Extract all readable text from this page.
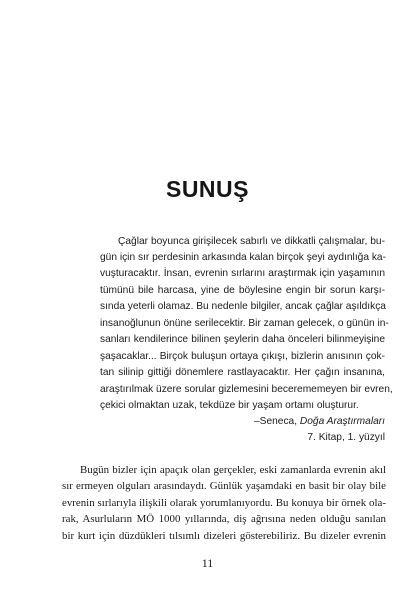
SUNUŞ
Çağlar boyunca girişilecek sabırlı ve dikkatli çalışmalar, bu-
gün için sır perdesinin arkasında kalan birçok şeyi aydınlığa ka-
vuşturacaktır. İnsan, evrenin sırlarını araştırmak için yaşamının
tümünü bile harcasa, yine de böylesine engin bir sorun karşı-
sında yeterli olamaz. Bu nedenle bilgiler, ancak çağlar aşıldıkça
insanoğlunun önüne serilecektir. Bir zaman gelecek, o günün in-
sanları kendilerince bilinen şeylerin daha önceleri bilinmeyişine
şaşacaklar... Birçok buluşun ortaya çıkışı, bizlerin anısının çok-
tan silinip gittiği dönemlere rastlayacaktır. Her çağın insanına,
araştırılmak üzere sorular gizlemesini becerememeyen bir evren,
çekici olmaktan uzak, tekdüze bir yaşam ortamı oluşturur.
–Seneca, Doğa Araştırmaları
7. Kitap, 1. yüzyıl
Bugün bizler için apaçık olan gerçekler, eski zamanlarda evrenin akıl
sır ermeyen olguları arasındaydı. Günlük yaşamdaki en basit bir olay bile
evrenin sırlarıyla ilişkili olarak yorumlanıyordu. Bu konuya bir örnek ola-
rak, Asurluların MÖ 1000 yıllarında, diş ağrısına neden olduğu sanılan
bir kurt için düzdükleri tılsımlı dizeleri gösterebiliriz. Bu dizeler evrenin
11
